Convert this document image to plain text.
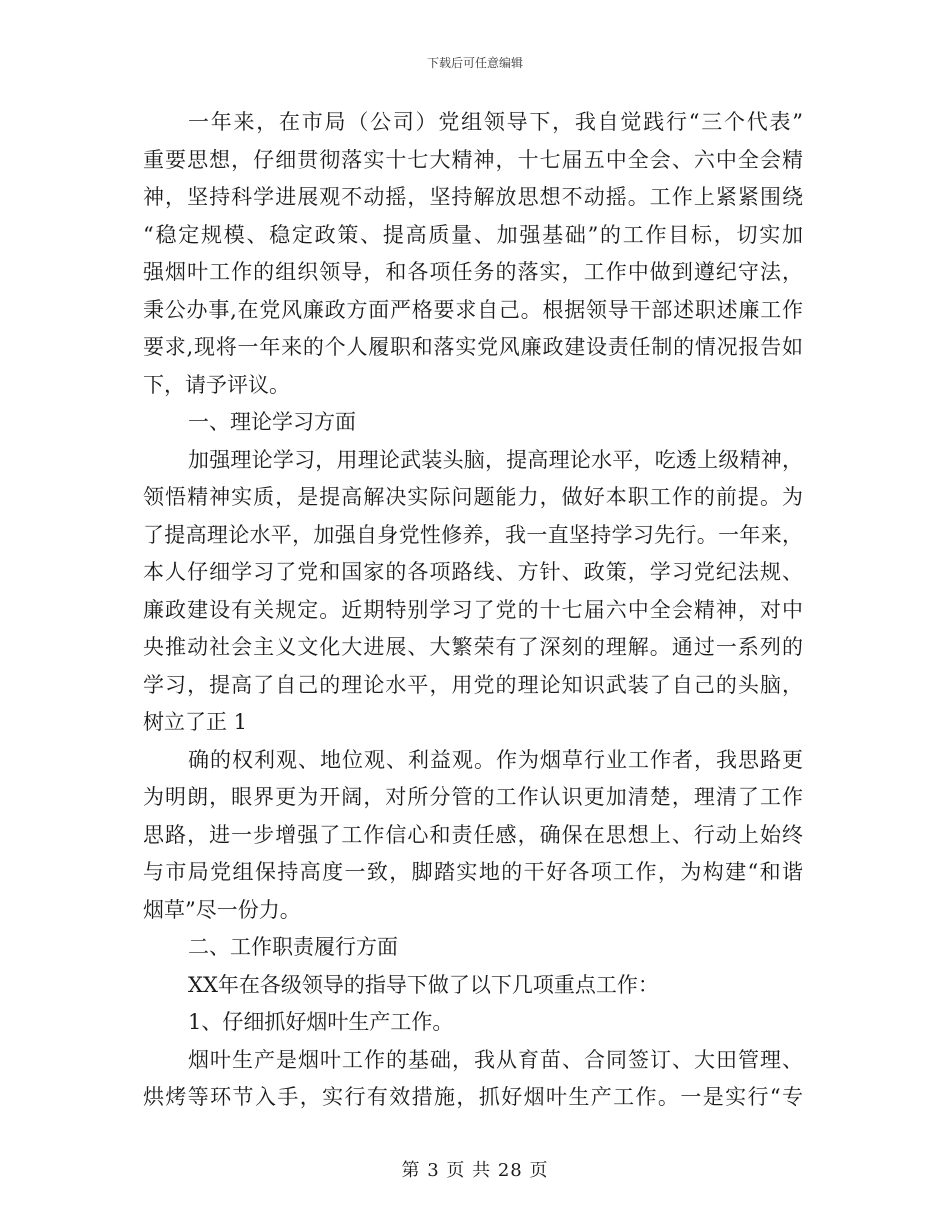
下载后可任意编辑
一年来，在市局（公司）党组领导下，我自觉践行“三个代表”
重要思想，仔细贯彻落实十七大精神，十七届五中全会、六中全会精
神，坚持科学进展观不动摇，坚持解放思想不动摇。工作上紧紧围绕
“稳定规模、稳定政策、提高质量、加强基础”的工作目标，切实加
强烟叶工作的组织领导，和各项任务的落实，工作中做到遵纪守法，
秉公办事,在党风廉政方面严格要求自己。根据领导干部述职述廉工作
要求,现将一年来的个人履职和落实党风廉政建设责任制的情况报告如
下，请予评议。
一、理论学习方面
加强理论学习，用理论武装头脑，提高理论水平，吃透上级精神，
领悟精神实质，是提高解决实际问题能力，做好本职工作的前提。为
了提高理论水平，加强自身党性修养，我一直坚持学习先行。一年来，
本人仔细学习了党和国家的各项路线、方针、政策，学习党纪法规、
廉政建设有关规定。近期特别学习了党的十七届六中全会精神，对中
央推动社会主义文化大进展、大繁荣有了深刻的理解。通过一系列的
学习，提高了自己的理论水平，用党的理论知识武装了自己的头脑，
树立了正 1
确的权利观、地位观、利益观。作为烟草行业工作者，我思路更
为明朗，眼界更为开阔，对所分管的工作认识更加清楚，理清了工作
思路，进一步增强了工作信心和责任感，确保在思想上、行动上始终
与市局党组保持高度一致，脚踏实地的干好各项工作，为构建“和谐
烟草”尽一份力。
二、工作职责履行方面
XX年在各级领导的指导下做了以下几项重点工作：
1、仔细抓好烟叶生产工作。
烟叶生产是烟叶工作的基础，我从育苗、合同签订、大田管理、
烘烤等环节入手，实行有效措施，抓好烟叶生产工作。一是实行“专
第 3 页 共 28 页
